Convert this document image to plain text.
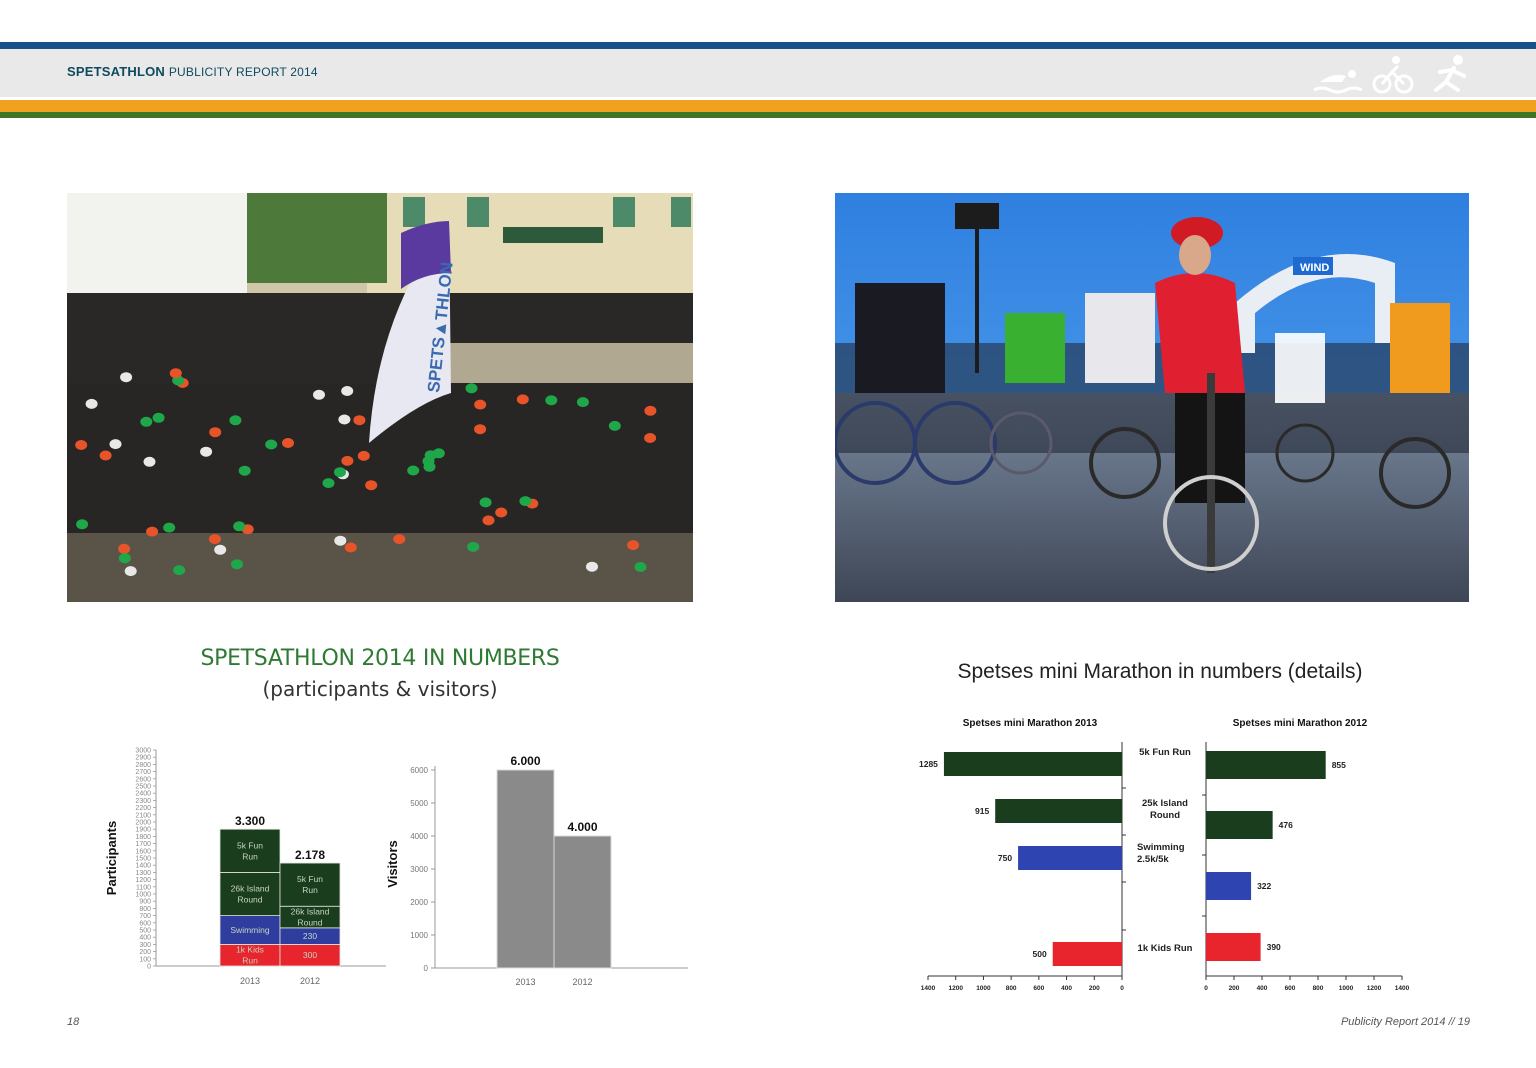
SPETSATHLON PUBLICITY REPORT 2014
SPETS▲THLON	WIND
SPETSATHLON 2014 IN NUMBERS
(participants & visitors)
Spetses mini Marathon in numbers (details)
0
100
200
300
400
500
600
700
800
900
1000
1100
1200
1300
1400
1500
1600
1700
1800
1900
2000
2100
2200
2300
2400
2500
2600
2700
2800
2900
3000
Participants
1k Kids
Run
Swimming
26k Island
Round
5k Fun
Run
3.300
2013
300
230
26k Island
Round
5k Fun
Run
2.178
2012
0
1000
2000
3000
4000
5000
6000
Visitors
6.000
2013
4.000
2012
Spetses mini Marathon 2013	Spetses mini Marathon 2012
1400 1200 1000 800	600	400	200	0	0	200	400	600	800 1000 1200 1400
1285
915
750
500
855
476
322
390
5k Fun Run
25k Island
Round
Swimming
2.5k/5k
1k Kids Run
18	Publicity Report 2014 // 19
